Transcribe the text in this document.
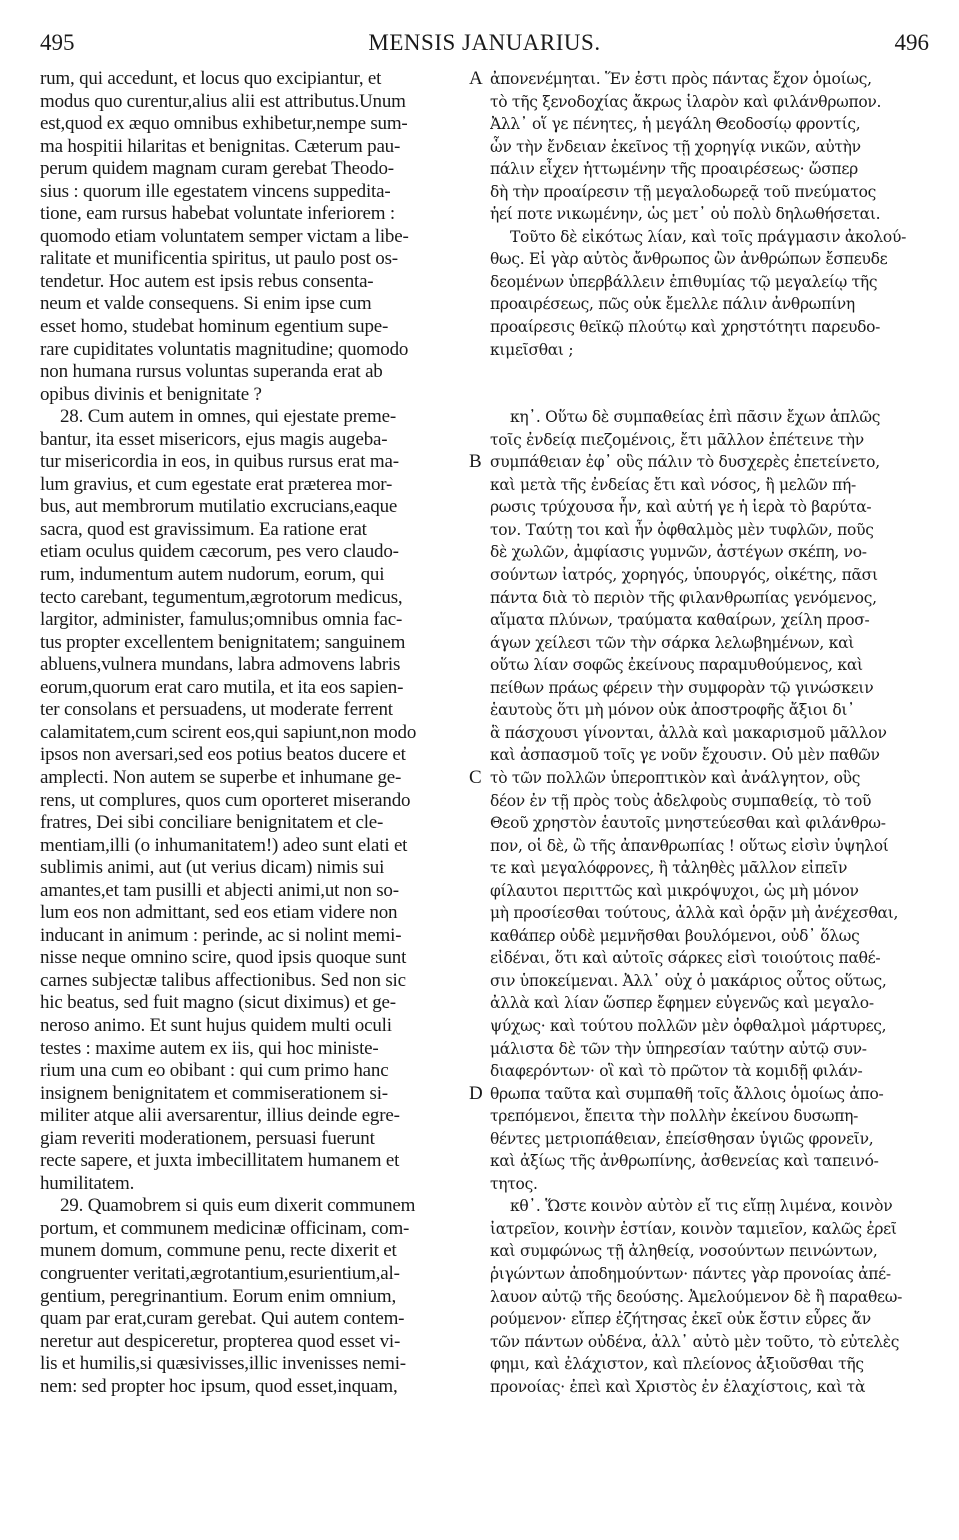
495	MENSIS JANUARIUS.	496
rum, qui accedunt, et locus quo excipiantur, et
modus quo curentur,alius alii est attributus.Unum
est,quod ex æquo omnibus exhibetur,nempe sum-
ma hospitii hilaritas et benignitas. Cæterum pau-
perum quidem magnam curam gerebat Theodo-
sius : quorum ille egestatem vincens suppedita-
tione, eam rursus habebat voluntate inferiorem :
quomodo etiam voluntatem semper victam a libe-
ralitate et munificentia spiritus, ut paulo post os-
tendetur. Hoc autem est ipsis rebus consenta-
neum et valde consequens. Si enim ipse cum
esset homo, studebat hominum egentium supe-
rare cupiditates voluntatis magnitudine; quomodo
non humana rursus voluntas superanda erat ab
opibus divinis et benignitate ?
28. Cum autem in omnes, qui ejestate preme-
bantur, ita esset misericors, ejus magis augeba-
tur misericordia in eos, in quibus rursus erat ma-
lum gravius, et cum egestate erat præterea mor-
bus, aut membrorum mutilatio excrucians,eaque
sacra, quod est gravissimum. Ea ratione erat
etiam oculus quidem cæcorum, pes vero claudo-
rum, indumentum autem nudorum, eorum, qui
tecto carebant, tegumentum,ægrotorum medicus,
largitor, administer, famulus;omnibus omnia fac-
tus propter excellentem benignitatem; sanguinem
abluens,vulnera mundans, labra admovens labris
eorum,quorum erat caro mutila, et ita eos sapien-
ter consolans et persuadens, ut moderate ferrent
calamitatem,cum scirent eos,qui sapiunt,non modo
ipsos non aversari,sed eos potius beatos ducere et
amplecti. Non autem se superbe et inhumane ge-
rens, ut complures, quos cum oporteret miserando
fratres, Dei sibi conciliare benignitatem et cle-
mentiam,illi (o inhumanitatem!) adeo sunt elati et
sublimis animi, aut (ut verius dicam) nimis sui
amantes,et tam pusilli et abjecti animi,ut non so-
lum eos non admittant, sed eos etiam videre non
inducant in animum : perinde, ac si nolint memi-
nisse neque omnino scire, quod ipsis quoque sunt
carnes subjectæ talibus affectionibus. Sed non sic
hic beatus, sed fuit magno (sicut diximus) et ge-
neroso animo. Et sunt hujus quidem multi oculi
testes : maxime autem ex iis, qui hoc ministe-
rium una cum eo obibant : qui cum primo hanc
insignem benignitatem et commiserationem si-
militer atque alii aversarentur, illius deinde egre-
giam reveriti moderationem, persuasi fuerunt
recte sapere, et juxta imbecillitatem humanem et
humilitatem.
29. Quamobrem si quis eum dixerit communem
portum, et communem medicinæ officinam, com-
munem domum, commune penu, recte dixerit et
congruenter veritati,ægrotantium,esurientium,al-
gentium, peregrinantium. Eorum enim omnium,
quam par erat,curam gerebat. Qui autem contem-
neretur aut despiceretur, propterea quod esset vi-
lis et humilis,si quæsivisses,illic invenisses nemi-
nem: sed propter hoc ipsum, quod esset,inquam,
A
B
C
D
ἀπονενέμηται. Ἕν ἐστι πρὸς πάντας ἔχον ὁμοίως,
τὸ τῆς ξενοδοχίας ἄκρως ἱλαρὸν καὶ φιλάνθρωπον.
Ἀλλ᾽ οἵ γε πένητες, ἡ μεγάλη Θεοδοσίῳ φροντίς,
ὧν τὴν ἔνδειαν ἐκεῖνος τῇ χορηγίᾳ νικῶν, αὐτὴν
πάλιν εἶχεν ἡττωμένην τῆς προαιρέσεως· ὥσπερ
δὴ τὴν προαίρεσιν τῇ μεγαλοδωρεᾷ τοῦ πνεύματος
ἡεί ποτε νικωμένην, ὡς μετ᾽ οὐ πολὺ δηλωθήσεται.
Τοῦτο δὲ εἰκότως λίαν, καὶ τοῖς πράγμασιν ἀκολού-
θως. Εἰ γὰρ αὐτὸς ἄνθρωπος ὢν ἀνθρώπων ἔσπευδε
δεομένων ὑπερβάλλειν ἐπιθυμίας τῷ μεγαλείῳ τῆς
προαιρέσεως, πῶς οὐκ ἔμελλε πάλιν ἀνθρωπίνη
προαίρεσις θεϊκῷ πλούτῳ καὶ χρηστότητι παρευδο-
κιμεῖσθαι ;
κη᾽. Οὕτω δὲ συμπαθείας ἐπὶ πᾶσιν ἔχων ἁπλῶς
τοῖς ἐνδείᾳ πιεζομένοις, ἔτι μᾶλλον ἐπέτεινε τὴν
συμπάθειαν ἐφ᾽ οὓς πάλιν τὸ δυσχερὲς ἐπετείνετο,
καὶ μετὰ τῆς ἐνδείας ἔτι καὶ νόσος, ἢ μελῶν πή-
ρωσις τρύχουσα ἦν, καὶ αὐτή γε ἡ ἱερὰ τὸ βαρύτα-
τον. Ταύτῃ τοι καὶ ἦν ὀφθαλμὸς μὲν τυφλῶν, ποῦς
δὲ χωλῶν, ἀμφίασις γυμνῶν, ἀστέγων σκέπη, νο-
σούντων ἰατρός, χορηγός, ὑπουργός, οἰκέτης, πᾶσι
πάντα διὰ τὸ περιὸν τῆς φιλανθρωπίας γενόμενος,
αἵματα πλύνων, τραύματα καθαίρων, χείλη προσ-
άγων χείλεσι τῶν τὴν σάρκα λελωβημένων, καὶ
οὕτω λίαν σοφῶς ἐκείνους παραμυθούμενος, καὶ
πείθων πράως φέρειν τὴν συμφορὰν τῷ γινώσκειν
ἑαυτοὺς ὅτι μὴ μόνον οὐκ ἀποστροφῆς ἄξιοι δι᾽
ἃ πάσχουσι γίνονται, ἀλλὰ καὶ μακαρισμοῦ μᾶλλον
καὶ ἀσπασμοῦ τοῖς γε νοῦν ἔχουσιν. Οὐ μὲν παθῶν
τὸ τῶν πολλῶν ὑπεροπτικὸν καὶ ἀνάλγητον, οὓς
δέον ἐν τῇ πρὸς τοὺς ἀδελφοὺς συμπαθείᾳ, τὸ τοῦ
Θεοῦ χρηστὸν ἑαυτοῖς μνηστεύεσθαι καὶ φιλάνθρω-
πον, οἱ δὲ, ὢ τῆς ἀπανθρωπίας ! οὕτως εἰσὶν ὑψηλοί
τε καὶ μεγαλόφρονες, ἢ τἀληθὲς μᾶλλον εἰπεῖν
φίλαυτοι περιττῶς καὶ μικρόψυχοι, ὡς μὴ μόνον
μὴ προσίεσθαι τούτους, ἀλλὰ καὶ ὁρᾷν μὴ ἀνέχεσθαι,
καθάπερ οὐδὲ μεμνῆσθαι βουλόμενοι, οὐδ᾽ ὅλως
εἰδέναι, ὅτι καὶ αὐτοῖς σάρκες εἰσὶ τοιούτοις παθέ-
σιν ὑποκείμεναι. Ἀλλ᾽ οὐχ ὁ μακάριος οὗτος οὕτως,
ἀλλὰ καὶ λίαν ὥσπερ ἔφημεν εὐγενῶς καὶ μεγαλο-
ψύχως· καὶ τούτου πολλῶν μὲν ὀφθαλμοὶ μάρτυρες,
μάλιστα δὲ τῶν τὴν ὑπηρεσίαν ταύτην αὐτῷ συν-
διαφερόντων· οἳ καὶ τὸ πρῶτον τὰ κομιδῇ φιλάν-
θρωπα ταῦτα καὶ συμπαθῆ τοῖς ἄλλοις ὁμοίως ἀπο-
τρεπόμενοι, ἔπειτα τὴν πολλὴν ἐκείνου δυσωπη-
θέντες μετριοπάθειαν, ἐπείσθησαν ὑγιῶς φρονεῖν,
καὶ ἀξίως τῆς ἀνθρωπίνης, ἀσθενείας καὶ ταπεινό-
τητος.
κθ᾽. Ὥστε κοινὸν αὐτὸν εἴ τις εἴπῃ λιμένα, κοινὸν
ἰατρεῖον, κοινὴν ἑστίαν, κοινὸν ταμιεῖον, καλῶς ἐρεῖ
καὶ συμφώνως τῇ ἀληθείᾳ, νοσούντων πεινώντων,
ῥιγώντων ἀποδημούντων· πάντες γὰρ προνοίας ἀπέ-
λαυον αὐτῷ τῆς δεούσης. Ἀμελούμενον δὲ ἢ παραθεω-
ρούμενον· εἴπερ ἐζήτησας ἐκεῖ οὐκ ἔστιν εὗρες ἄν
τῶν πάντων οὐδένα, ἀλλ᾽ αὐτὸ μὲν τοῦτο, τὸ εὐτελὲς
φημι, καὶ ἐλάχιστον, καὶ πλείονος ἀξιοῦσθαι τῆς
προνοίας· ἐπεὶ καὶ Χριστὸς ἐν ἐλαχίστοις, καὶ τὰ
